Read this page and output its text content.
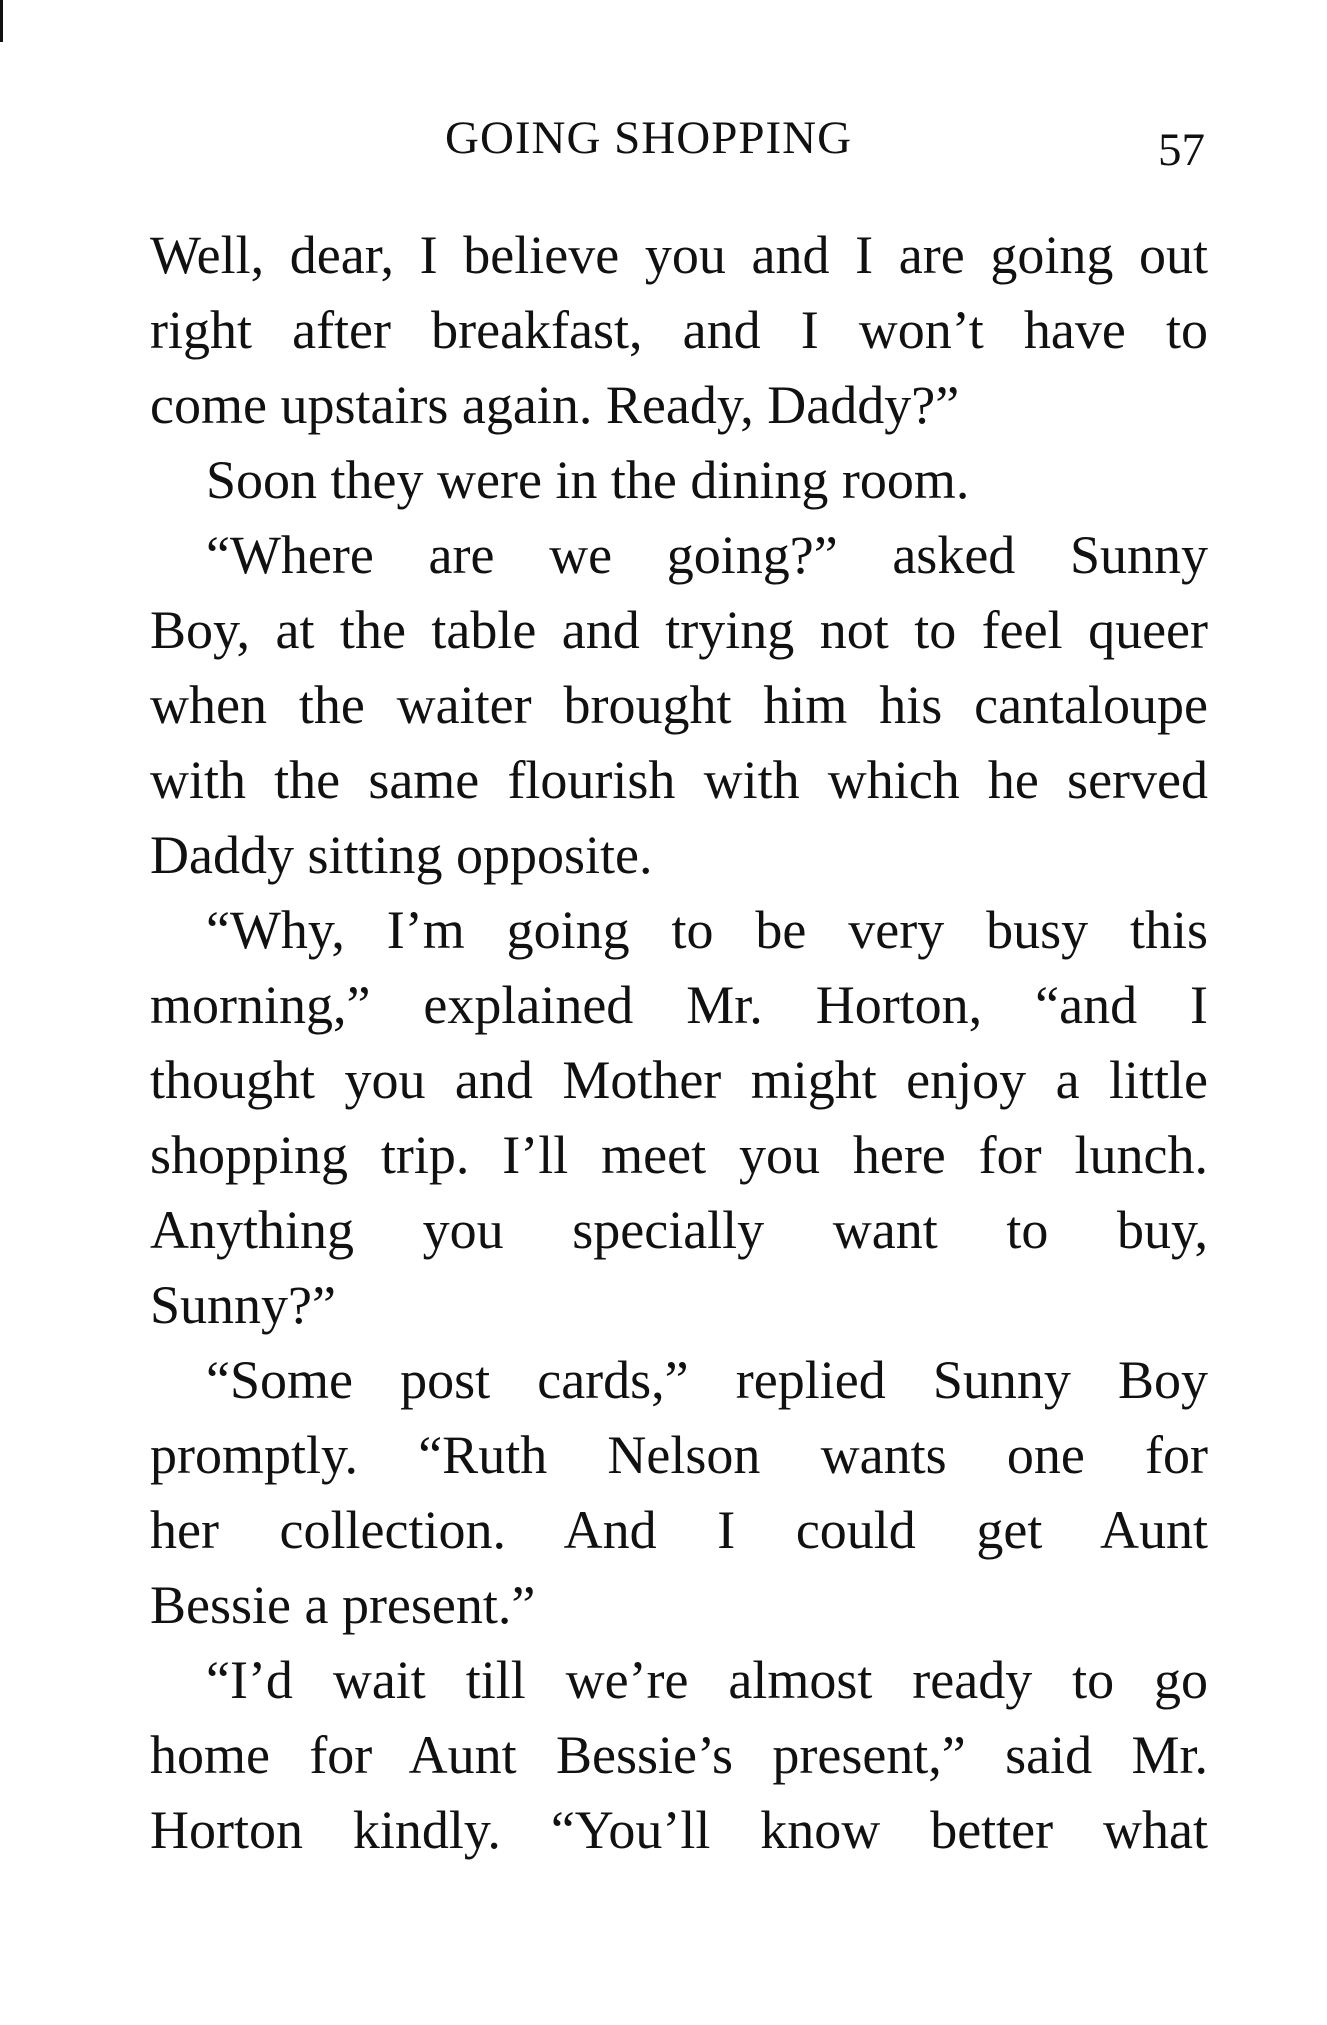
GOING SHOPPING	57
Well, dear, I believe you and I are going out
right after breakfast, and I won’t have to
come upstairs again. Ready, Daddy?”
Soon they were in the dining room.
“Where are we going?” asked Sunny
Boy, at the table and trying not to feel queer
when the waiter brought him his cantaloupe
with the same flourish with which he served
Daddy sitting opposite.
“Why, I’m going to be very busy this
morning,” explained Mr. Horton, “and I
thought you and Mother might enjoy a little
shopping trip. I’ll meet you here for lunch.
Anything you specially want to buy,
Sunny?”
“Some post cards,” replied Sunny Boy
promptly. “Ruth Nelson wants one for
her collection. And I could get Aunt
Bessie a present.”
“I’d wait till we’re almost ready to go
home for Aunt Bessie’s present,” said Mr.
Horton kindly. “You’ll know better what
